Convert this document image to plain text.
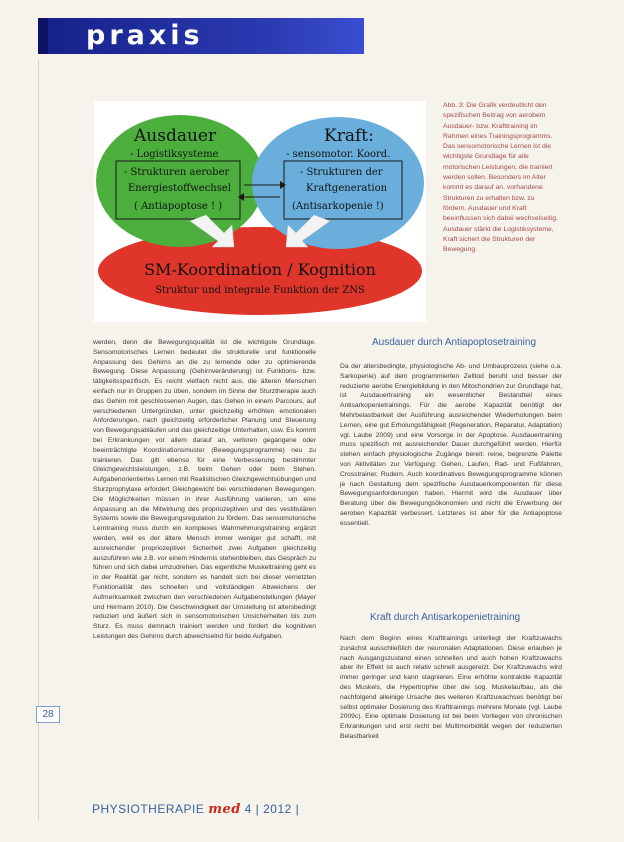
praxis
Ausdauer
- Logistiksysteme
- Strukturen aerober
Energiestoffwechsel
( Antiapoptose ! )
Kraft:
- sensomotor. Koord.
- Strukturen der
Kraftgeneration
(Antisarkopenie !)
SM-Koordination / Kognition
Struktur und integrale Funktion der ZNS
Abb. 3: Die Grafik verdeutlicht den spezifischen Beitrag von aerobem Ausdauer- bzw. Krafttraining im Rahmen eines Trainingsprogramms. Das sensomotorische Lernen ist die wichtigste Grundlage für alle motorischen Leistungen, die trainiert werden sollen. Besonders im Alter kommt es darauf an, vorhandene Strukturen zu erhalten bzw. zu fördern. Ausdauer und Kraft beeinflussen sich dabei wechselseitig. Ausdauer stärkt die Logistiksysteme, Kraft sichert die Strukturen der Bewegung.
werden, denn die Bewegungsqualität ist die wichtigste Grundlage. Sensomotorisches Lernen bedeutet die strukturelle und funktionelle Anpassung des Gehirns an die zu lernende oder zu optimierende Bewegung. Diese Anpassung (Gehirnveränderung) ist Funktions- bzw. tätigkeitsspezifisch. Es reicht vielfach nicht aus, die älteren Menschen einfach nur in Gruppen zu üben, sondern im Sinne der Sturztherapie auch das Gehirn mit geschlossenen Augen, das Gehen in einem Parcours, auf verschiedenen Untergründen, unter gleichzeitig erhöhten emotionalen Anforderungen, nach gleichzeitig erforderlicher Planung und Steuerung von Bewegungsabläufen und das gleichzeitige Unterhalten, usw. Es kommt bei Erkrankungen vor allem darauf an, verloren gegangene oder beeinträchtigte Koordinationsmuster (Bewegungsprogramme) neu zu trainieren. Das gilt ebenso für eine Verbesserung bestimmter Gleichgewichtsleistungen, z.B. beim Gehen oder beim Stehen. Aufgabenorientiertes Lernen mit Realistischen Gleichgewichtsübungen und Sturzprophylaxe erfordert Gleichgewicht bei verschiedenen Bewegungen. Die Möglichkeiten müssen in ihrer Ausführung variieren, um eine Anpassung an die Mitwirkung des propriozeptiven und des vestibulären Systems sowie die Bewegungsregulation zu fördern. Das sensomotorische Lerntraining muss durch ein komplexes Wahrnehmungstraining ergänzt werden, weil es der ältere Mensch immer weniger gut schafft, mit ausreichender propriozeptiver Sicherheit zwei Aufgaben gleichzeitig auszuführen wie z.B. vor einem Hindernis stehenbleiben, das Gespräch zu führen und sich dabei umzudrehen. Das eigentliche Muskeltraining geht es in der Realität gar nicht, sondern es handelt sich bei dieser vernetzten Funktionalität des schnellen und vollständigen Abweichens der Aufmerksamkeit zwischen den verschiedenen Aufgabenstellungen (Mayer und Hermann 2010). Die Geschwindigkeit der Umstellung ist altersbedingt reduziert und äußert sich in sensomotorischen Unsicherheiten bis zum Sturz. Es muss demnach trainiert werden und fordert die kognitiven Leistungen des Gehirns durch abwechselnd für beide Aufgaben.
Ausdauer durch Antiapoptosetraining
Da der altersbedingte, physiologische Ab- und Umbauprozess (siehe o.a. Sarkopenie) auf dem programmierten Zelltod beruht und besser der reduzierte aerobe Energiebildung in den Mitochondrien zur Grundlage hat, ist Ausdauertraining ein wesentlicher Bestandteil eines Antisarkopenietrainings. Für die aerobe Kapazität benötigt der Mehrbelastbarkeit der Ausführung ausreichender Wiederholungen beim Lernen, eine gut Erholungsfähigkeit (Regeneration, Reparatur, Adaptation) vgl. Laube 2009) und eine Vorsorge in der Apoptose. Ausdauertraining muss spezifisch mit ausreichender Dauer durchgeführt werden. Hierfür stehen einfach physiologische Zugänge bereit: reine, begrenzte Palette von Aktivitäten zur Verfügung: Gehen, Laufen, Rad- und Fußfahren, Crosstrainer, Rudern. Auch koordinatives Bewegungsprogramme können je nach Gestaltung dem spezifische Ausdauerkomponenten für diese Bewegungsanforderungen haben. Hiermit wird die Ausdauer über Beratung über die Bewegungsökonomien und nicht die Erwerbung der aeroben Kapazität verbessert. Letzteres ist aber für die Antiapoptose essentiell.
Kraft durch Antisarkopenietraining
Nach dem Beginn eines Krafttrainings unterliegt der Kraftzuwachs zunächst ausschließlich der neuronalen Adaptationen. Diese erlauben je nach Ausgangszustand einen schnellen und auch hohen Kraftzuwachs aber ihr Effekt ist auch relativ schnell ausgereizt. Der Kraftzuwachs wird immer geringer und kann stagnieren. Eine erhöhte kontraktile Kapazität des Muskels, die Hypertrophie über die sog. Muskelaufbau, als die nachfolgend alleinige Ursache des weiteren Kraftzuwachses benötigt bei selbst optimaler Dosierung des Krafttrainings mehrere Monate (vgl. Laube 2009c). Eine optimale Dosierung ist bei beim Vorliegen von chronischen Erkrankungen und erst recht bei Multimorbidität wegen der reduzierten Belastbarkeit
28
PHYSIOTHERAPIE med 4 | 2012 |
